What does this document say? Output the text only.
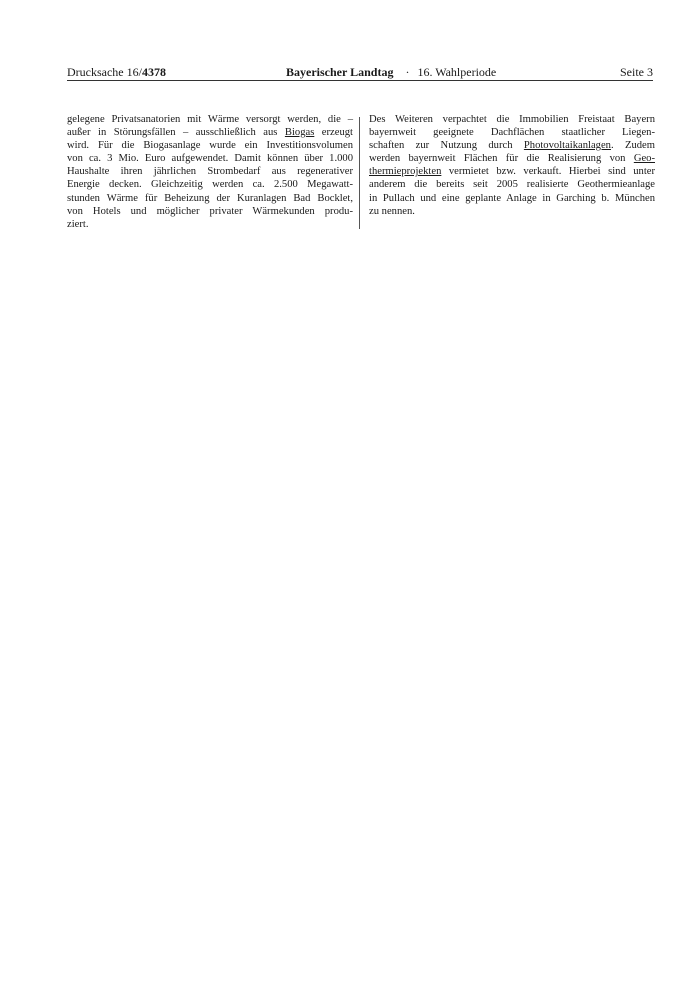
Drucksache 16/4378	Bayerischer Landtag · 16. Wahlperiode	Seite 3
gelegene Privatsanatorien mit Wärme versorgt werden, die –
außer in Störungsfällen – ausschließlich aus Biogas erzeugt
wird. Für die Biogasanlage wurde ein Investitionsvolumen
von ca. 3 Mio. Euro aufgewendet. Damit können über 1.000
Haushalte ihren jährlichen Strombedarf aus regenerativer
Energie decken. Gleichzeitig werden ca. 2.500 Megawatt-
stunden Wärme für Beheizung der Kuranlagen Bad Bocklet,
von Hotels und möglicher privater Wärmekunden produ-
ziert.
Des Weiteren verpachtet die Immobilien Freistaat Bayern
bayernweit geeignete Dachflächen staatlicher Liegen-
schaften zur Nutzung durch Photovoltaikanlagen. Zudem
werden bayernweit Flächen für die Realisierung von Geo-
thermieprojekten vermietet bzw. verkauft. Hierbei sind unter
anderem die bereits seit 2005 realisierte Geothermieanlage
in Pullach und eine geplante Anlage in Garching b. München
zu nennen.
